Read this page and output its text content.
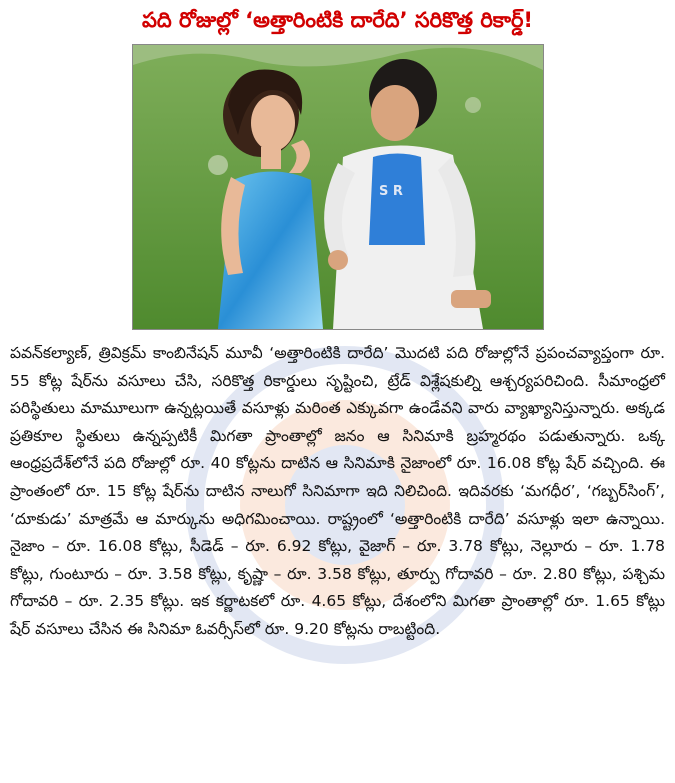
పది రోజుల్లో ‘అత్తారింటికి దారేది’ సరికొత్త రికార్డ్!
S R

పవన్‌కల్యాణ్, త్రివిక్రమ్ కాంబినేషన్ మూవీ ‘అత్తారింటికి దారేది’ మొదటి పది రోజుల్లోనే ప్రపంచవ్యాప్తంగా రూ. 55 కోట్ల షేర్‌ను వసూలు చేసి, సరికొత్త రికార్డులు సృష్టించి, ట్రేడ్ విశ్లేషకుల్ని ఆశ్చర్యపరిచింది. సీమాంధ్రలో పరిస్థితులు మామూలుగా ఉన్నట్లయితే వసూళ్లు మరింత ఎక్కువగా ఉండేవని వారు వ్యాఖ్యానిస్తున్నారు. అక్కడ ప్రతికూల స్థితులు ఉన్నప్పటికీ మిగతా ప్రాంతాల్లో జనం ఆ సినిమాకి బ్రహ్మరథం పడుతున్నారు. ఒక్క ఆంధ్రప్రదేశ్‌లోనే పది రోజుల్లో రూ. 40 కోట్లను దాటిన ఆ సినిమాకి నైజాంలో రూ. 16.08 కోట్ల షేర్ వచ్చింది. ఈ ప్రాంతంలో రూ. 15 కోట్ల షేర్‌ను దాటిన నాలుగో సినిమాగా ఇది నిలిచింది. ఇదివరకు ‘మగధీర’, ‘గబ్బర్‌సింగ్’, ‘దూకుడు’ మాత్రమే ఆ మార్కును అధిగమించాయి. రాష్ట్రంలో ‘అత్తారింటికి దారేది’ వసూళ్లు ఇలా ఉన్నాయి. నైజాం – రూ. 16.08 కోట్లు, సీడెడ్ – రూ. 6.92 కోట్లు, వైజాగ్ – రూ. 3.78 కోట్లు, నెల్లూరు – రూ. 1.78 కోట్లు, గుంటూరు – రూ. 3.58 కోట్లు, కృష్ణా – రూ. 3.58 కోట్లు, తూర్పు గోదావరి – రూ. 2.80 కోట్లు, పశ్చిమ గోదావరి – రూ. 2.35 కోట్లు. ఇక కర్ణాటకలో రూ. 4.65 కోట్లు, దేశంలోని మిగతా ప్రాంతాల్లో రూ. 1.65 కోట్లు షేర్ వసూలు చేసిన ఈ సినిమా ఓవర్సీస్‌లో రూ. 9.20 కోట్లను రాబట్టింది.
